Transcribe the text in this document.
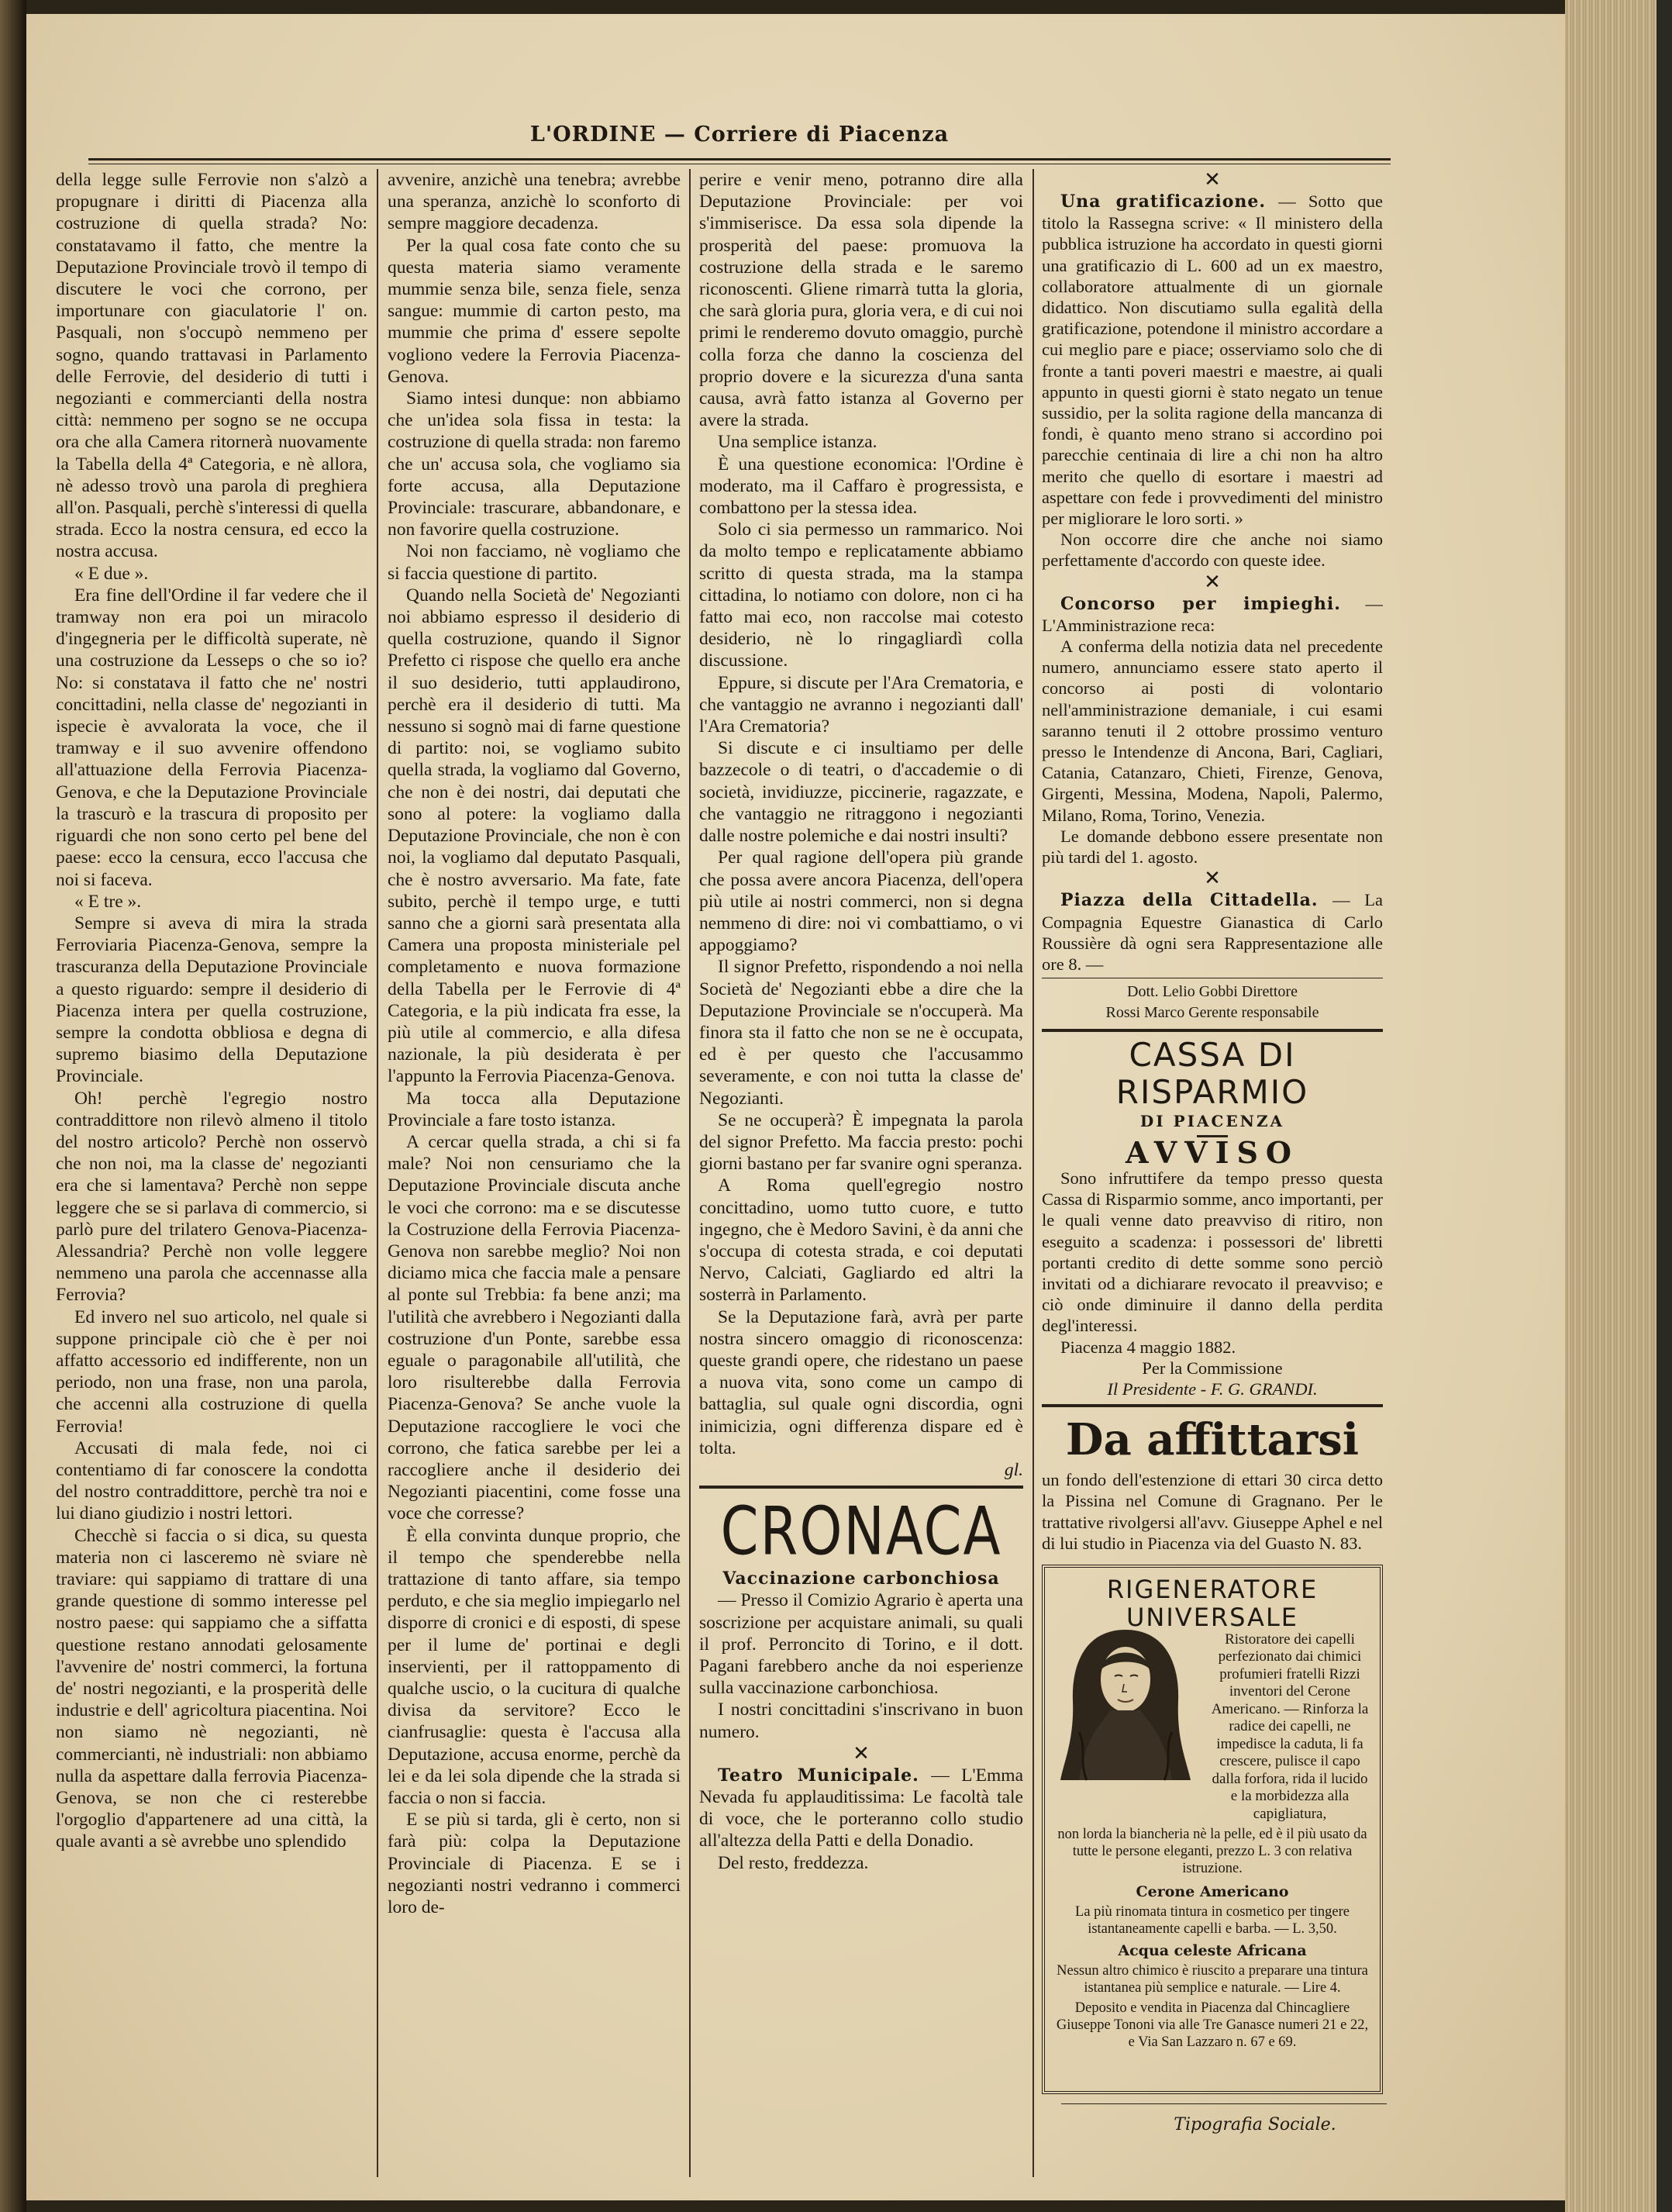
L'ORDINE — Corriere di Piacenza

della legge sulle Ferrovie non s'alzò a propugnare i diritti di Piacenza alla costruzione di quella strada? No: constatavamo il fatto, che mentre la Deputazione Provinciale trovò il tempo di discutere le voci che corrono, per importunare con giaculatorie l' on. Pasquali, non s'occupò nemmeno per sogno, quando trattavasi in Parlamento delle Ferrovie, del desiderio di tutti i negozianti e commercianti della nostra città: nemmeno per sogno se ne occupa ora che alla Camera ritornerà nuovamente la Tabella della 4ª Categoria, e nè allora, nè adesso trovò una parola di preghiera all'on. Pasquali, perchè s'interessi di quella strada. Ecco la nostra censura, ed ecco la nostra accusa.

« E due ».

Era fine dell'Ordine il far vedere che il tramway non era poi un miracolo d'ingegneria per le difficoltà superate, nè una costruzione da Lesseps o che so io? No: si constatava il fatto che ne' nostri concittadini, nella classe de' negozianti in ispecie è avvalorata la voce, che il tramway e il suo avvenire offendono all'attuazione della Ferrovia Piacenza-Genova, e che la Deputazione Provinciale la trascurò e la trascura di proposito per riguardi che non sono certo pel bene del paese: ecco la censura, ecco l'accusa che noi si faceva.

« E tre ».

Sempre si aveva di mira la strada Ferroviaria Piacenza-Genova, sempre la trascuranza della Deputazione Provinciale a questo riguardo: sempre il desiderio di Piacenza intera per quella costruzione, sempre la condotta obbliosa e degna di supremo biasimo della Deputazione Provinciale.

Oh! perchè l'egregio nostro contraddittore non rilevò almeno il titolo del nostro articolo? Perchè non osservò che non noi, ma la classe de' negozianti era che si lamentava? Perchè non seppe leggere che se si parlava di commercio, si parlò pure del trilatero Genova-Piacenza-Alessandria? Perchè non volle leggere nemmeno una parola che accennasse alla Ferrovia?

Ed invero nel suo articolo, nel quale si suppone principale ciò che è per noi affatto accessorio ed indifferente, non un periodo, non una frase, non una parola, che accenni alla costruzione di quella Ferrovia!

Accusati di mala fede, noi ci contentiamo di far conoscere la condotta del nostro contraddittore, perchè tra noi e lui diano giudizio i nostri lettori.

Checchè si faccia o si dica, su questa materia non ci lasceremo nè sviare nè traviare: qui sappiamo di trattare di una grande questione di sommo interesse pel nostro paese: qui sappiamo che a siffatta questione restano annodati gelosamente l'avvenire de' nostri commerci, la fortuna de' nostri negozianti, e la prosperità delle industrie e dell' agricoltura piacentina. Noi non siamo nè negozianti, nè commercianti, nè industriali: non abbiamo nulla da aspettare dalla ferrovia Piacenza-Genova, se non che ci resterebbe l'orgoglio d'appartenere ad una città, la quale avanti a sè avrebbe uno splendido

avvenire, anzichè una tenebra; avrebbe una speranza, anzichè lo sconforto di sempre maggiore decadenza.

Per la qual cosa fate conto che su questa materia siamo veramente mummie senza bile, senza fiele, senza sangue: mummie di carton pesto, ma mummie che prima d' essere sepolte vogliono vedere la Ferrovia Piacenza-Genova.

Siamo intesi dunque: non abbiamo che un'idea sola fissa in testa: la costruzione di quella strada: non faremo che un' accusa sola, che vogliamo sia forte accusa, alla Deputazione Provinciale: trascurare, abbandonare, e non favorire quella costruzione.

Noi non facciamo, nè vogliamo che si faccia questione di partito.

Quando nella Società de' Negozianti noi abbiamo espresso il desiderio di quella costruzione, quando il Signor Prefetto ci rispose che quello era anche il suo desiderio, tutti applaudirono, perchè era il desiderio di tutti. Ma nessuno si sognò mai di farne questione di partito: noi, se vogliamo subito quella strada, la vogliamo dal Governo, che non è dei nostri, dai deputati che sono al potere: la vogliamo dalla Deputazione Provinciale, che non è con noi, la vogliamo dal deputato Pasquali, che è nostro avversario. Ma fate, fate subito, perchè il tempo urge, e tutti sanno che a giorni sarà presentata alla Camera una proposta ministeriale pel completamento e nuova formazione della Tabella per le Ferrovie di 4ª Categoria, e la più indicata fra esse, la più utile al commercio, e alla difesa nazionale, la più desiderata è per l'appunto la Ferrovia Piacenza-Genova.

Ma tocca alla Deputazione Provinciale a fare tosto istanza.

A cercar quella strada, a chi si fa male? Noi non censuriamo che la Deputazione Provinciale discuta anche le voci che corrono: ma e se discutesse la Costruzione della Ferrovia Piacenza-Genova non sarebbe meglio? Noi non diciamo mica che faccia male a pensare al ponte sul Trebbia: fa bene anzi; ma l'utilità che avrebbero i Negozianti dalla costruzione d'un Ponte, sarebbe essa eguale o paragonabile all'utilità, che loro risulterebbe dalla Ferrovia Piacenza-Genova? Se anche vuole la Deputazione raccogliere le voci che corrono, che fatica sarebbe per lei a raccogliere anche il desiderio dei Negozianti piacentini, come fosse una voce che corresse?

È ella convinta dunque proprio, che il tempo che spenderebbe nella trattazione di tanto affare, sia tempo perduto, e che sia meglio impiegarlo nel disporre di cronici e di esposti, di spese per il lume de' portinai e degli inservienti, per il rattoppamento di qualche uscio, o la cucitura di qualche divisa da servitore? Ecco le cianfrusaglie: questa è l'accusa alla Deputazione, accusa enorme, perchè da lei e da lei sola dipende che la strada si faccia o non si faccia.

E se più si tarda, gli è certo, non si farà più: colpa la Deputazione Provinciale di Piacenza. E se i negozianti nostri vedranno i commerci loro de-

perire e venir meno, potranno dire alla Deputazione Provinciale: per voi s'immiserisce. Da essa sola dipende la prosperità del paese: promuova la costruzione della strada e le saremo riconoscenti. Gliene rimarrà tutta la gloria, che sarà gloria pura, gloria vera, e di cui noi primi le renderemo dovuto omaggio, purchè colla forza che danno la coscienza del proprio dovere e la sicurezza d'una santa causa, avrà fatto istanza al Governo per avere la strada.

Una semplice istanza.

È una questione economica: l'Ordine è moderato, ma il Caffaro è progressista, e combattono per la stessa idea.

Solo ci sia permesso un rammarico. Noi da molto tempo e replicatamente abbiamo scritto di questa strada, ma la stampa cittadina, lo notiamo con dolore, non ci ha fatto mai eco, non raccolse mai cotesto desiderio, nè lo ringagliardì colla discussione.

Eppure, si discute per l'Ara Crematoria, e che vantaggio ne avranno i negozianti dall' l'Ara Crematoria?

Si discute e ci insultiamo per delle bazzecole o di teatri, o d'accademie o di società, invidiuzze, piccinerie, ragazzate, e che vantaggio ne ritraggono i negozianti dalle nostre polemiche e dai nostri insulti?

Per qual ragione dell'opera più grande che possa avere ancora Piacenza, dell'opera più utile ai nostri commerci, non si degna nemmeno di dire: noi vi combattiamo, o vi appoggiamo?

Il signor Prefetto, rispondendo a noi nella Società de' Negozianti ebbe a dire che la Deputazione Provinciale se n'occuperà. Ma finora sta il fatto che non se ne è occupata, ed è per questo che l'accusammo severamente, e con noi tutta la classe de' Negozianti.

Se ne occuperà? È impegnata la parola del signor Prefetto. Ma faccia presto: pochi giorni bastano per far svanire ogni speranza.

A Roma quell'egregio nostro concittadino, uomo tutto cuore, e tutto ingegno, che è Medoro Savini, è da anni che s'occupa di cotesta strada, e coi deputati Nervo, Calciati, Gagliardo ed altri la sosterrà in Parlamento.

Se la Deputazione farà, avrà per parte nostra sincero omaggio di riconoscenza: queste grandi opere, che ridestano un paese a nuova vita, sono come un campo di battaglia, sul quale ogni discordia, ogni inimicizia, ogni differenza dispare ed è tolta.

gl.
CRONACA
Vaccinazione carbonchiosa

— Presso il Comizio Agrario è aperta una soscrizione per acquistare animali, su quali il prof. Perroncito di Torino, e il dott. Pagani farebbero anche da noi esperienze sulla vaccinazione carbonchiosa.

I nostri concittadini s'inscrivano in buon numero.

✕

Teatro Municipale. — L'Emma Nevada fu applauditissima: Le facoltà tale di voce, che le porteranno collo studio all'altezza della Patti e della Donadio.

Del resto, freddezza.

✕

Una gratificazione. — Sotto que titolo la Rassegna scrive: « Il ministero della pubblica istruzione ha accordato in questi giorni una gratificazio di L. 600 ad un ex maestro, collaboratore attualmente di un giornale didattico. Non discutiamo sulla egalità della gratificazione, potendone il ministro accordare a cui meglio pare e piace; osserviamo solo che di fronte a tanti poveri maestri e maestre, ai quali appunto in questi giorni è stato negato un tenue sussidio, per la solita ragione della mancanza di fondi, è quanto meno strano si accordino poi parecchie centinaia di lire a chi non ha altro merito che quello di esortare i maestri ad aspettare con fede i provvedimenti del ministro per migliorare le loro sorti. »

Non occorre dire che anche noi siamo perfettamente d'accordo con queste idee.

✕

Concorso per impieghi. — L'Amministrazione reca:

A conferma della notizia data nel precedente numero, annunciamo essere stato aperto il concorso ai posti di volontario nell'amministrazione demaniale, i cui esami saranno tenuti il 2 ottobre prossimo venturo presso le Intendenze di Ancona, Bari, Cagliari, Catania, Catanzaro, Chieti, Firenze, Genova, Girgenti, Messina, Modena, Napoli, Palermo, Milano, Roma, Torino, Venezia.

Le domande debbono essere presentate non più tardi del 1. agosto.

✕

Piazza della Cittadella. — La Compagnia Equestre Gianastica di Carlo Roussière dà ogni sera Rappresentazione alle ore 8. —

Dott. Lelio Gobbi Direttore
Rossi Marco Gerente responsabile
CASSA DI RISPARMIO
DI PIACENZA
AVVISO

Sono infruttifere da tempo presso questa Cassa di Risparmio somme, anco importanti, per le quali venne dato preavviso di ritiro, non eseguito a scadenza: i possessori de' libretti portanti credito di dette somme sono perciò invitati od a dichiarare revocato il preavviso; e ciò onde diminuire il danno della perdita degl'interessi.

Piacenza 4 maggio 1882.

Per la Commissione
Il Presidente - F. G. GRANDI.
Da affittarsi

un fondo dell'estenzione di ettari 30 circa detto la Pissina nel Comune di Gragnano. Per le trattative rivolgersi all'avv. Giuseppe Aphel e nel di lui studio in Piacenza via del Guasto N. 83.

RIGENERATORE UNIVERSALE
Ristoratore dei capelli perfezionato dai chimici profumieri fratelli Rizzi inventori del Cerone Americano. — Rinforza la radice dei capelli, ne impedisce la caduta, li fa crescere, pulisce il capo dalla forfora, rida il lucido e la morbidezza alla capigliatura,
non lorda la biancheria nè la pelle, ed è il più usato da tutte le persone eleganti, prezzo L. 3 con relativa istruzione.
Cerone Americano
La più rinomata tintura in cosmetico per tingere istantaneamente capelli e barba. — L. 3,50.
Acqua celeste Africana
Nessun altro chimico è riuscito a preparare una tintura istantanea più semplice e naturale. — Lire 4.
Deposito e vendita in Piacenza dal Chincagliere Giuseppe Tononi via alle Tre Ganasce numeri 21 e 22, e Via San Lazzaro n. 67 e 69.
Tipografia Sociale.
